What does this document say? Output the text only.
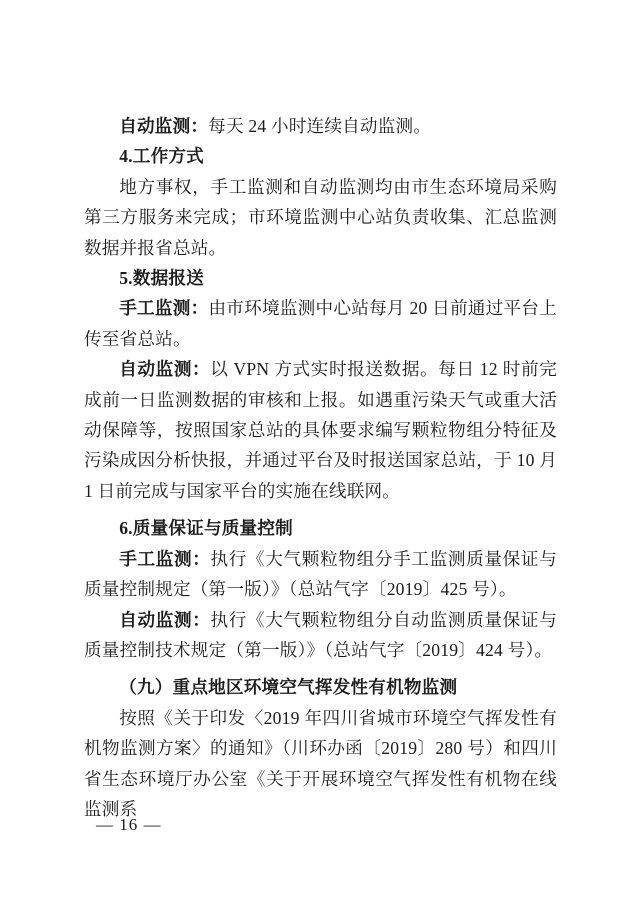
自动监测：每天 24 小时连续自动监测。

4.工作方式

地方事权，手工监测和自动监测均由市生态环境局采购第三方服务来完成；市环境监测中心站负责收集、汇总监测数据并报省总站。

5.数据报送

手工监测：由市环境监测中心站每月 20 日前通过平台上传至省总站。

自动监测：以 VPN 方式实时报送数据。每日 12 时前完成前一日监测数据的审核和上报。如遇重污染天气或重大活动保障等，按照国家总站的具体要求编写颗粒物组分特征及污染成因分析快报，并通过平台及时报送国家总站，于 10 月 1 日前完成与国家平台的实施在线联网。

6.质量保证与质量控制

手工监测：执行《大气颗粒物组分手工监测质量保证与质量控制规定（第一版）》（总站气字〔2019〕425 号）。

自动监测：执行《大气颗粒物组分自动监测质量保证与质量控制技术规定（第一版）》（总站气字〔2019〕424 号）。

（九）重点地区环境空气挥发性有机物监测

按照《关于印发〈2019 年四川省城市环境空气挥发性有机物监测方案〉的通知》（川环办函〔2019〕280 号）和四川省生态环境厅办公室《关于开展环境空气挥发性有机物在线监测系

— 16 —
